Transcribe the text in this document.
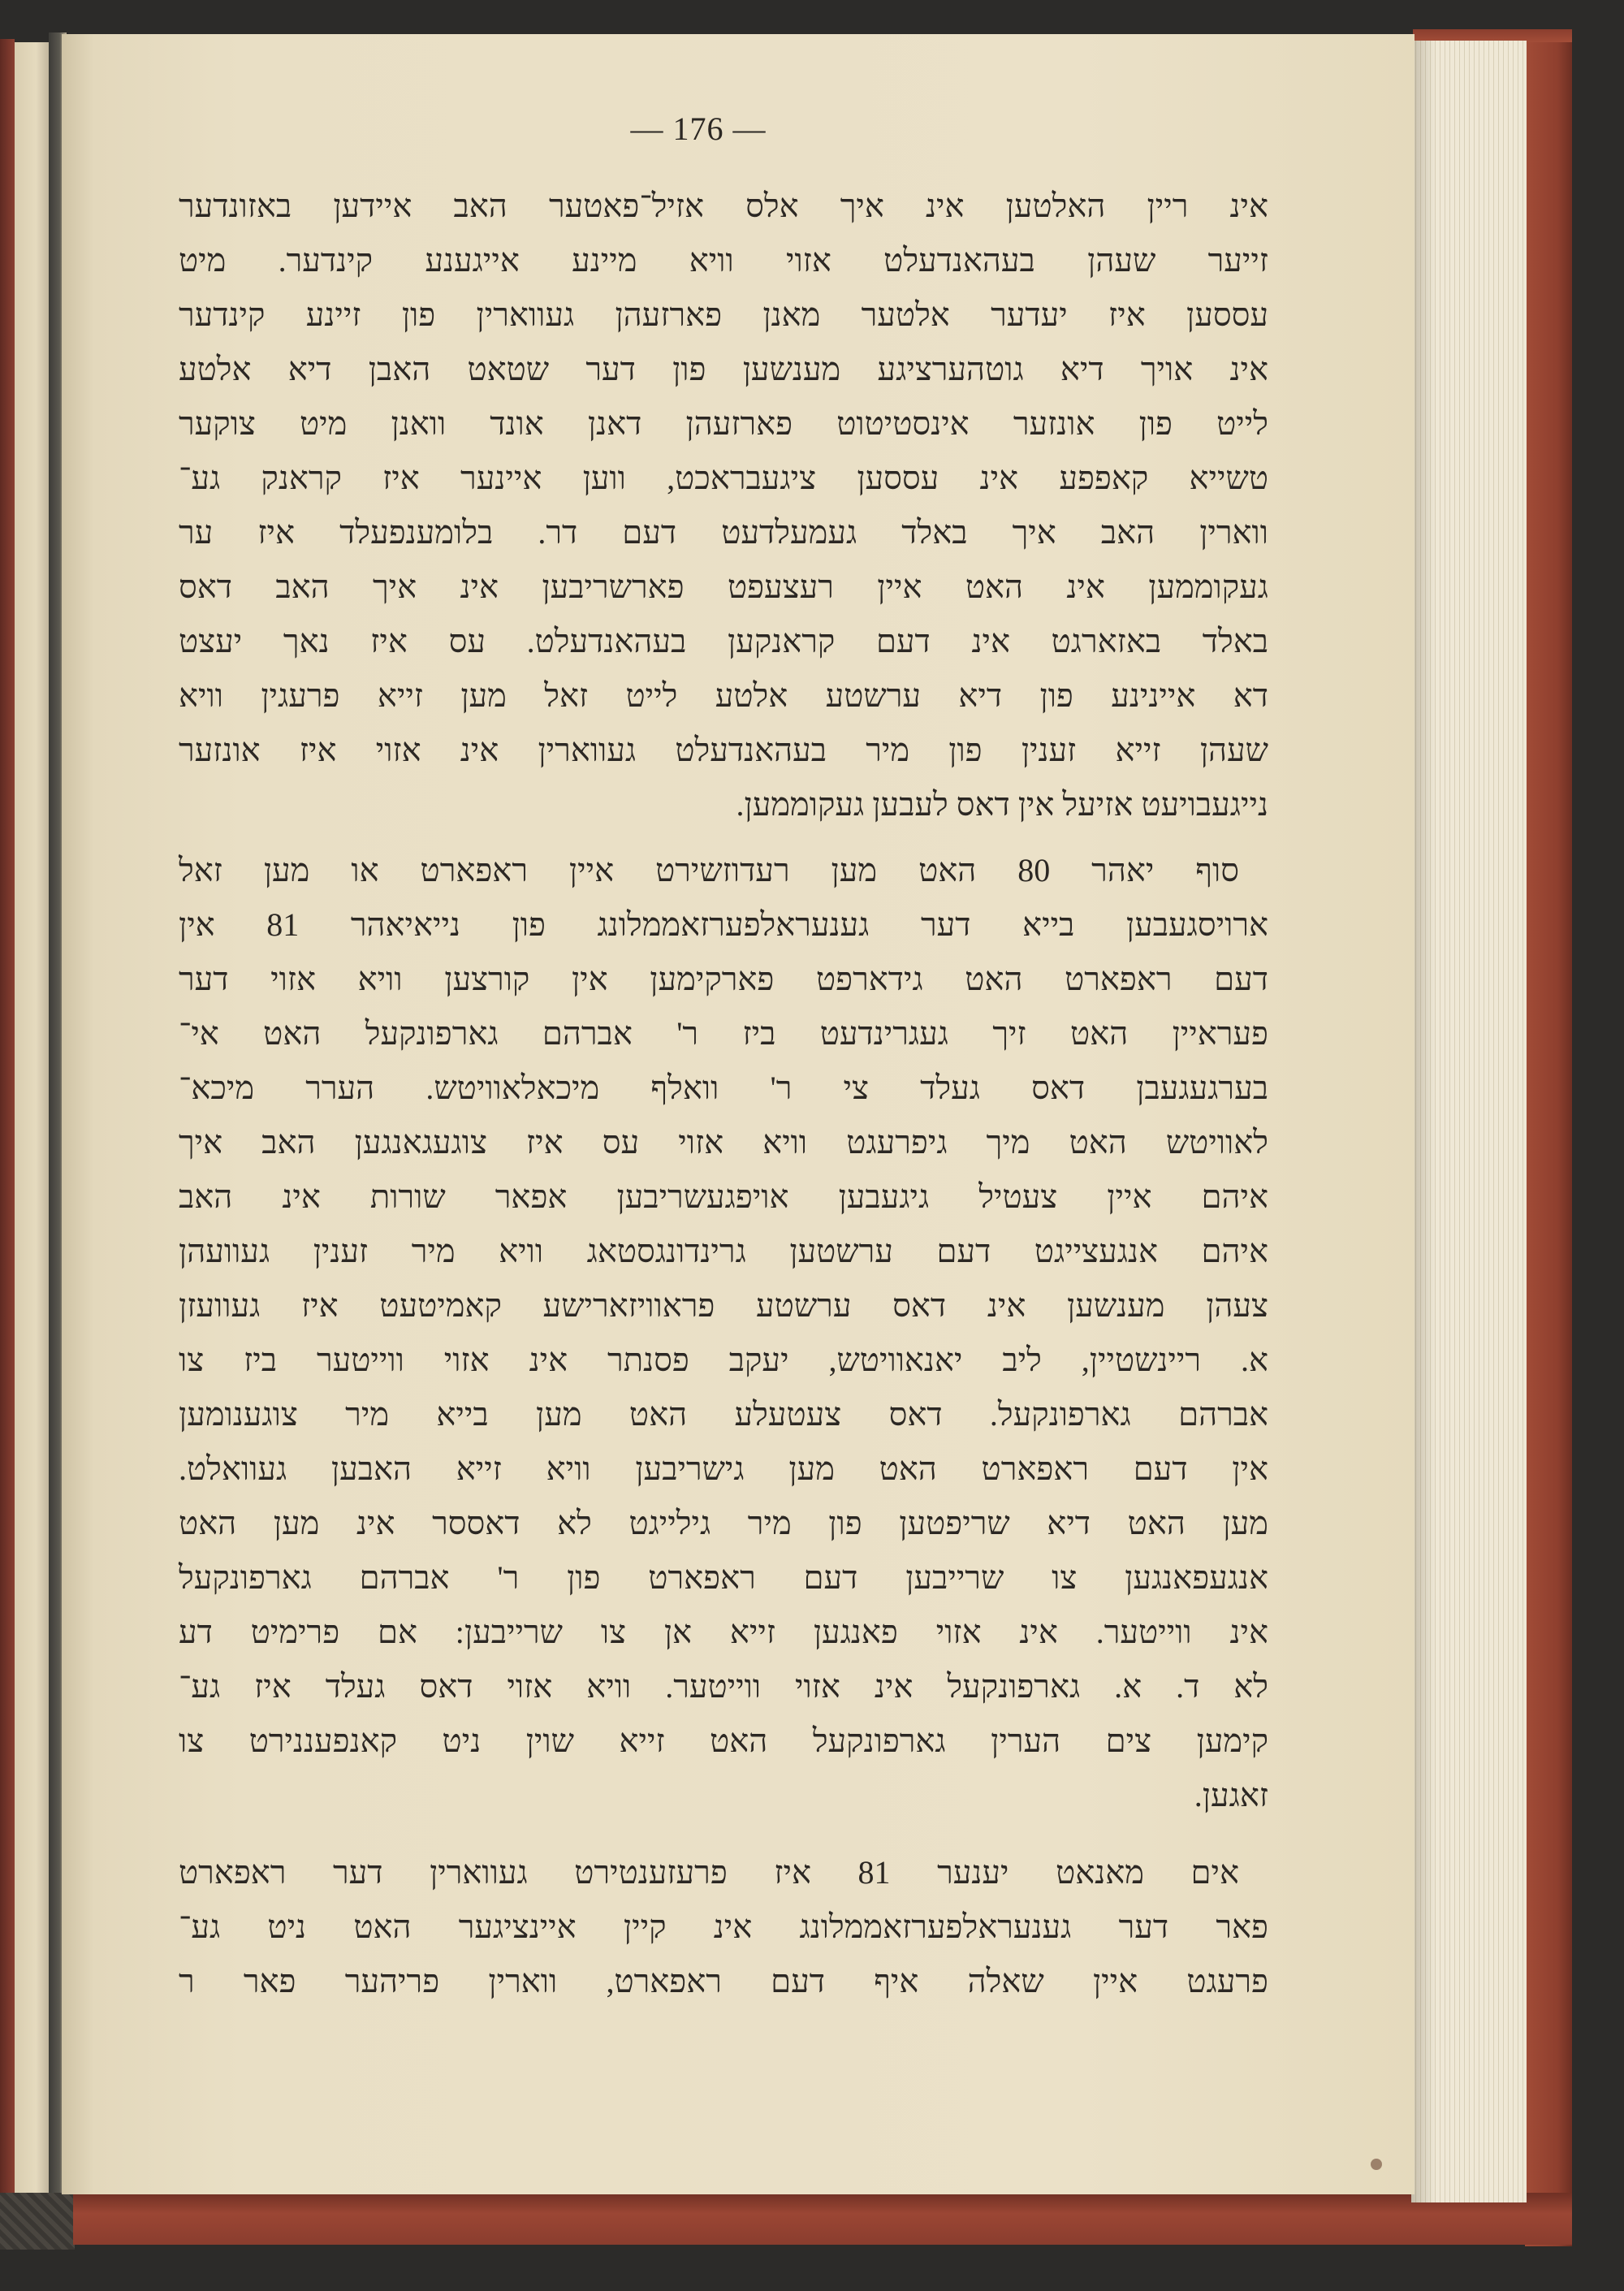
— 176 —
אינ ריין האלטען אינ איך אלס אזיל־פאטער האב איידען באזונדער
זייער שעהן בעהאנדעלט אזוי וויא מיינע אייגענע קינדער. מיט
עססען איז יעדער אלטער מאנן פארזעהן געווארין פון זיינע קינדער
אינ אויך דיא גוטהערציגע מענשען פון דער שטאט האבן דיא אלטע
לייט פון אונזער אינסטיטוט פארזעהן דאנן אונד וואנן מיט צוקער
טשייא קאפפע אינ עססען ציגעבראכט, ווען איינער איז קראנק גע־
ווארין האב איך באלד געמעלדעט דעם דר. בלומענפעלד איז ער
געקוממען אינ האט איין רעצעפט פארשריבען אינ איך האב דאס
באלד באזארגט אינ דעם קראנקען בעהאנדעלט. עס איז נאך יעצט
דא איינינע פון דיא ערשטע אלטע לייט זאל מען זייא פרעגין וויא
שעהן זייא זענין פון מיר בעהאנדעלט געווארין אינ אזוי איז אונזער
נייגעבויעט אזיעל אין דאס לעבען געקוממען.
סוף יאהר 80 האט מען רעדוזשירט איין ראפארט או מען זאל
ארויסגעבען בייא דער גענעראלפערזאממלונג פון נייאיאהר 81 אין
דעם ראפארט האט גידארפט פארקימען אין קורצען וויא אזוי דער
פעראיין האט זיך געגרינדעט ביז ר' אברהם גארפונקעל האט אי־
בערגעגעבן דאס געלד צי ר' וואלף מיכאלאוויטש. הערר מיכא־
לאוויטש האט מיך גיפרעגט וויא אזוי עס איז צוגעגאנגען האב איך
איהם איין צעטיל גיגעבען אויפגעשריבען אפאר שורות אינ האב
איהם אנגעצייגט דעם ערשטען גרינדונגסטאג וויא מיר זענין געוועהן
צעהן מענשען אינ דאס ערשטע פראוויזארישע קאמיטעט איז געוועזן
א. ריינשטיין, ליב יאנאוויטש, יעקב פסנתר אינ אזוי ווייטער ביז צו
אברהם גארפונקעל. דאס צעטעלע האט מען בייא מיר צוגענומען
אין דעם ראפארט האט מען גישריבען וויא זייא האבען געוואלט.
מען האט דיא שריפטען פון מיר גילייגט לא דאססר אינ מען האט
אנגעפאנגען צו שרייבען דעם ראפארט פון ר' אברהם גארפונקעל
אינ ווייטער. אינ אזוי פאנגען זייא אן צו שרייבען: אם פרימיט דע
לא ד. א. גארפונקעל אינ אזוי ווייטער. וויא אזוי דאס געלד איז גע־
קימען צים הערין גארפונקעל האט זייא שוין ניט קאנפעננירט צו
זאגען.
אים מאנאט יענער 81 איז פרעזענטירט געווארין דער ראפארט
פאר דער גענעראלפערזאממלונג אינ קיין איינציגער האט ניט גע־
פרעגט איין שאלה איף דעם ראפארט, ווארין פריהער פאר ר
